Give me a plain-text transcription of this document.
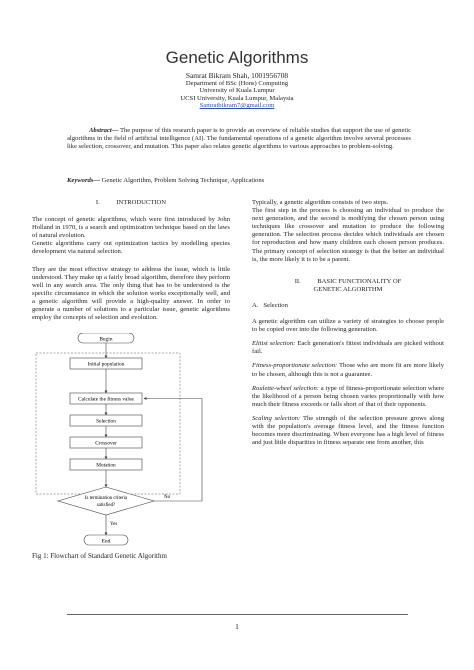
Genetic Algorithms
Samrat Bikram Shah, 1001956708
Department of BSc (Hons) Computing
University of Kuala Lumpur
UCSI University, Kuala Lumpur, Malaysia
Samratbikram7@gmail.com
Abstract— The purpose of this research paper is to provide an overview of reliable studies that support the use of genetic algorithms in the field of artificial intelligence (AI). The fundamental operations of a genetic algorithm involve several processes like selection, crossover, and mutation. This paper also relates genetic algorithms to various approaches to problem-solving.
Keywords— Genetic Algorithm, Problem Solving Technique, Applications

I.          INTRODUCTION

The concept of genetic algorithms, which were first introduced by John Holland in 1970, is a search and optimization technique based on the laws of natural evolution.

Genetic algorithms carry out optimization tactics by modelling species development via natural selection.

They are the most effective strategy to address the issue, which is little understood. They make up a fairly broad algorithm, therefore they perform well in any search area. The only thing that has to be understood is the specific circumstance in which the solution works exceptionally well, and a genetic algorithm will provide a high-quality answer. In order to generate a number of solutions to a particular issue, genetic algorithms employ the concepts of selection and evolution.

Begin
Initial population
Calculate the fitness value
Selection
Crossover
Mutation
Is termination criteria
satisfied?
No
Yes
End
Fig 1: Flowchart of Standard Genetic Algorithm

Typically, a genetic algorithm consists of two steps.

The first step in the process is choosing an individual to produce the next generation, and the second is modifying the chosen person using techniques like crossover and mutation to produce the following generation. The selection process decides which individuals are chosen for reproduction and how many children each chosen person produces. The primary concept of selection strategy is that the better an individual is, the more likely it is to be a parent.

II.          BASIC FUNCTIONALITY OF
GENETIC ALGORITHM

A.   Selection

A genetic algorithm can utilize a variety of strategies to choose people to be copied over into the following generation.

Elitist selection: Each generation's fittest individuals are picked without fail.

Fitness-proportionate selection: Those who are more fit are more likely to be chosen, although this is not a guarantee.

Roulette-wheel selection: a type of fitness-proportionate selection where the likelihood of a person being chosen varies proportionally with how much their fitness exceeds or falls short of that of their opponents.

Scaling selection: The strength of the selection pressure grows along with the population's average fitness level, and the fitness function becomes more discriminating. When everyone has a high level of fitness and just little disparities in fitness separate one from another, this

1
